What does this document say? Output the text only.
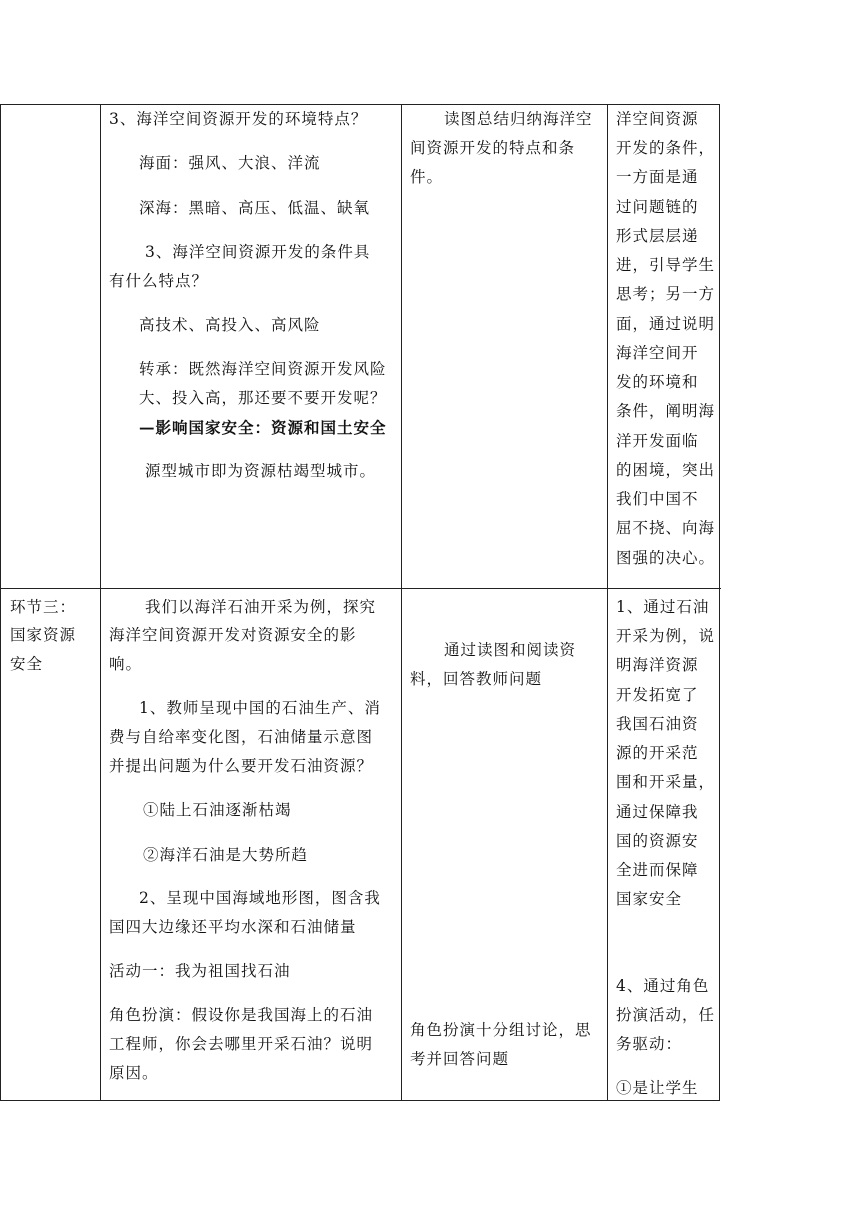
3、海洋空间资源开发的环境特点？
海面：强风、大浪、洋流
深海：黑暗、高压、低温、缺氧
3、海洋空间资源开发的条件具
有什么特点？
高技术、高投入、高风险
转承：既然海洋空间资源开发风险
大、投入高，那还要不要开发呢？
—影响国家安全：资源和国土安全
源型城市即为资源枯竭型城市。
读图总结归纳海洋空
间资源开发的特点和条
件。
洋空间资源
开发的条件，
一方面是通
过问题链的
形式层层递
进，引导学生
思考；另一方
面，通过说明
海洋空间开
发的环境和
条件，阐明海
洋开发面临
的困境，突出
我们中国不
屈不挠、向海
图强的决心。
环节三：
国家资源
安全
我们以海洋石油开采为例，探究
海洋空间资源开发对资源安全的影
响。
1、教师呈现中国的石油生产、消
费与自给率变化图，石油储量示意图
并提出问题为什么要开发石油资源？
①陆上石油逐渐枯竭
②海洋石油是大势所趋
2、呈现中国海域地形图，图含我
国四大边缘还平均水深和石油储量
活动一：我为祖国找石油
角色扮演：假设你是我国海上的石油
工程师，你会去哪里开采石油？说明
原因。
通过读图和阅读资
料，回答教师问题
角色扮演十分组讨论，思
考并回答问题
1、通过石油
开采为例，说
明海洋资源
开发拓宽了
我国石油资
源的开采范
围和开采量，
通过保障我
国的资源安
全进而保障
国家安全
4、通过角色
扮演活动，任
务驱动：
①是让学生
